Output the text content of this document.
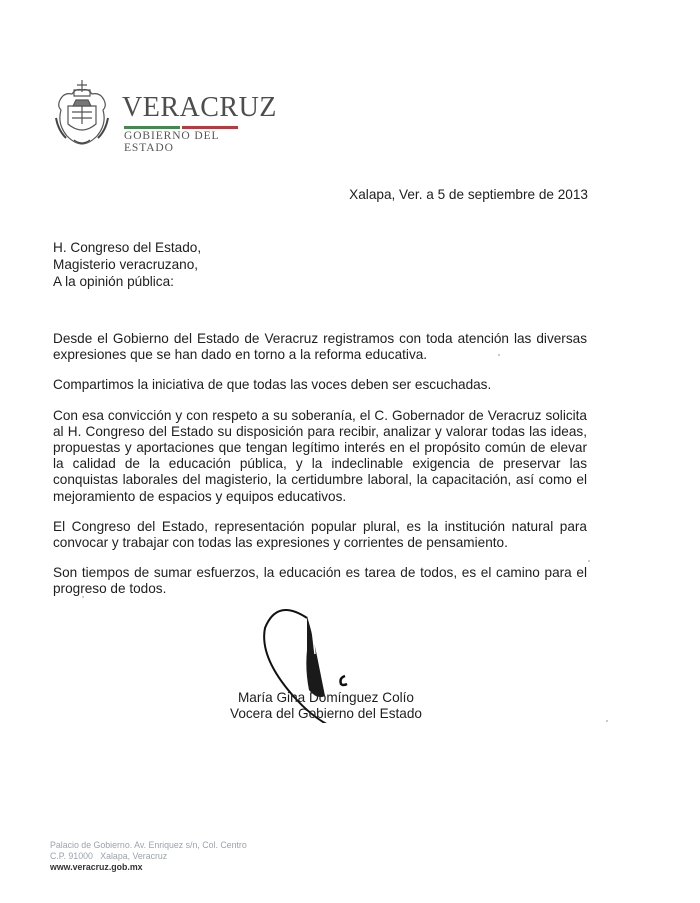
VERACRUZ
GOBIERNO DEL ESTADO
Xalapa, Ver. a 5 de septiembre de 2013
H. Congreso del Estado,
Magisterio veracruzano,
A la opinión pública:

Desde el Gobierno del Estado de Veracruz registramos con toda atención las diversas expresiones que se han dado en torno a la reforma educativa.

Compartimos la iniciativa de que todas las voces deben ser escuchadas.

Con esa convicción y con respeto a su soberanía, el C. Gobernador de Veracruz solicita al H. Congreso del Estado su disposición para recibir, analizar y valorar todas las ideas, propuestas y aportaciones que tengan legítimo interés en el propósito común de elevar la calidad de la educación pública, y la indeclinable exigencia de preservar las conquistas laborales del magisterio, la certidumbre laboral, la capacitación, así como el mejoramiento de espacios y equipos educativos.

El Congreso del Estado, representación popular plural, es la institución natural para convocar y trabajar con todas las expresiones y corrientes de pensamiento.

Son tiempos de sumar esfuerzos, la educación es tarea de todos, es el camino para el progreso de todos.

María Gina Domínguez Colío
Vocera del Gobierno del Estado
Palacio de Gobierno. Av. Enriquez s/n, Col. Centro
C.P. 91000   Xalapa, Veracruz
www.veracruz.gob.mx
